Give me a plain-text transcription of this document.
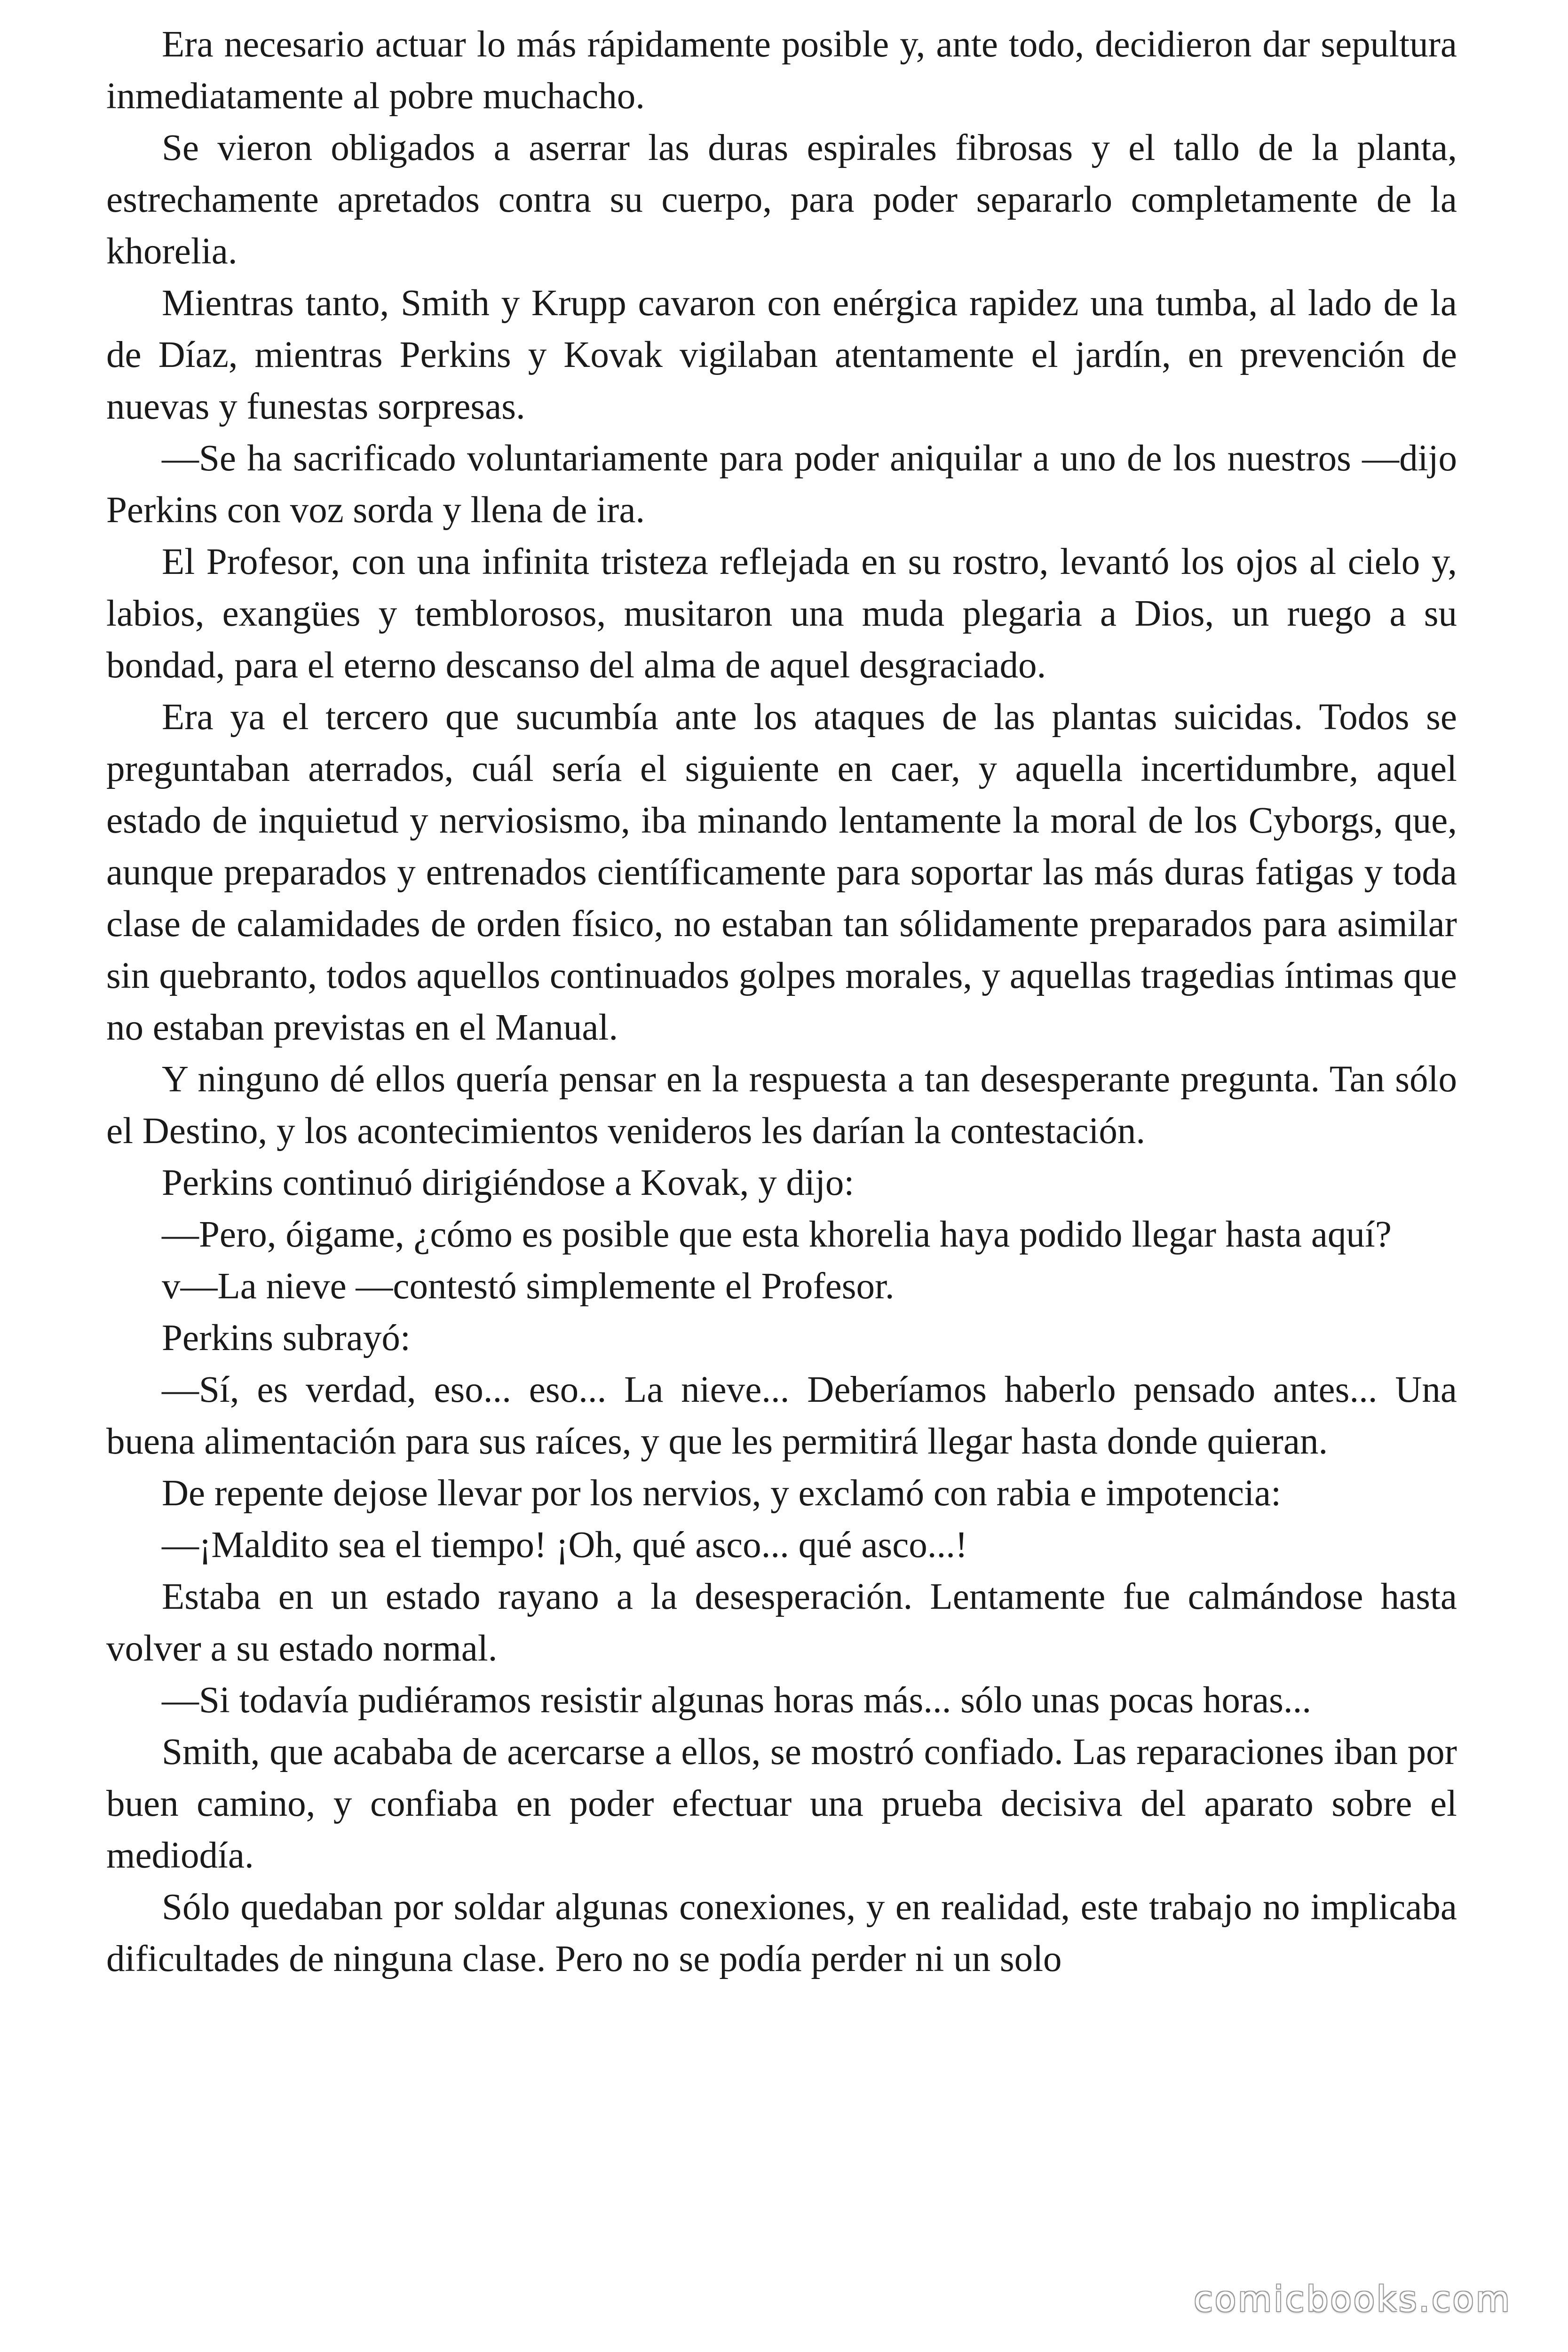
Era necesario actuar lo más rápidamente posible y, ante todo, decidieron dar sepultura inmediatamente al pobre muchacho.

Se vieron obligados a aserrar las duras espirales fibrosas y el tallo de la planta, estrechamente apretados contra su cuerpo, para poder separarlo completamente de la khorelia.

Mientras tanto, Smith y Krupp cavaron con enérgica rapidez una tumba, al lado de la de Díaz, mientras Perkins y Kovak vigilaban atentamente el jardín, en prevención de nuevas y funestas sorpresas.

—Se ha sacrificado voluntariamente para poder aniquilar a uno de los nuestros —dijo Perkins con voz sorda y llena de ira.

El Profesor, con una infinita tristeza reflejada en su rostro, levantó los ojos al cielo y, labios, exangües y temblorosos, musitaron una muda plegaria a Dios, un ruego a su bondad, para el eterno descanso del alma de aquel desgraciado.

Era ya el tercero que sucumbía ante los ataques de las plantas suicidas. Todos se preguntaban aterrados, cuál sería el siguiente en caer, y aquella incertidumbre, aquel estado de inquietud y nerviosismo, iba minando lentamente la moral de los Cyborgs, que, aunque preparados y entrenados científicamente para soportar las más duras fatigas y toda clase de calamidades de orden físico, no estaban tan sólidamente preparados para asimilar sin quebranto, todos aquellos continuados golpes morales, y aquellas tragedias íntimas que no estaban previstas en el Manual.

Y ninguno dé ellos quería pensar en la respuesta a tan desesperante pregunta. Tan sólo el Destino, y los acontecimientos venideros les darían la contestación.

Perkins continuó dirigiéndose a Kovak, y dijo:

—Pero, óigame, ¿cómo es posible que esta khorelia haya podido llegar hasta aquí?

v—La nieve —contestó simplemente el Profesor.

Perkins subrayó:

—Sí, es verdad, eso... eso... La nieve... Deberíamos haberlo pensado antes... Una buena alimentación para sus raíces, y que les permitirá llegar hasta donde quieran.

De repente dejose llevar por los nervios, y exclamó con rabia e impotencia:

—¡Maldito sea el tiempo! ¡Oh, qué asco... qué asco...!

Estaba en un estado rayano a la desesperación. Lentamente fue calmándose hasta volver a su estado normal.

—Si todavía pudiéramos resistir algunas horas más... sólo unas pocas horas...

Smith, que acababa de acercarse a ellos, se mostró confiado. Las reparaciones iban por buen camino, y confiaba en poder efectuar una prueba decisiva del aparato sobre el mediodía.

Sólo quedaban por soldar algunas conexiones, y en realidad, este trabajo no implicaba dificultades de ninguna clase. Pero no se podía perder ni un solo

comicbooks.com
